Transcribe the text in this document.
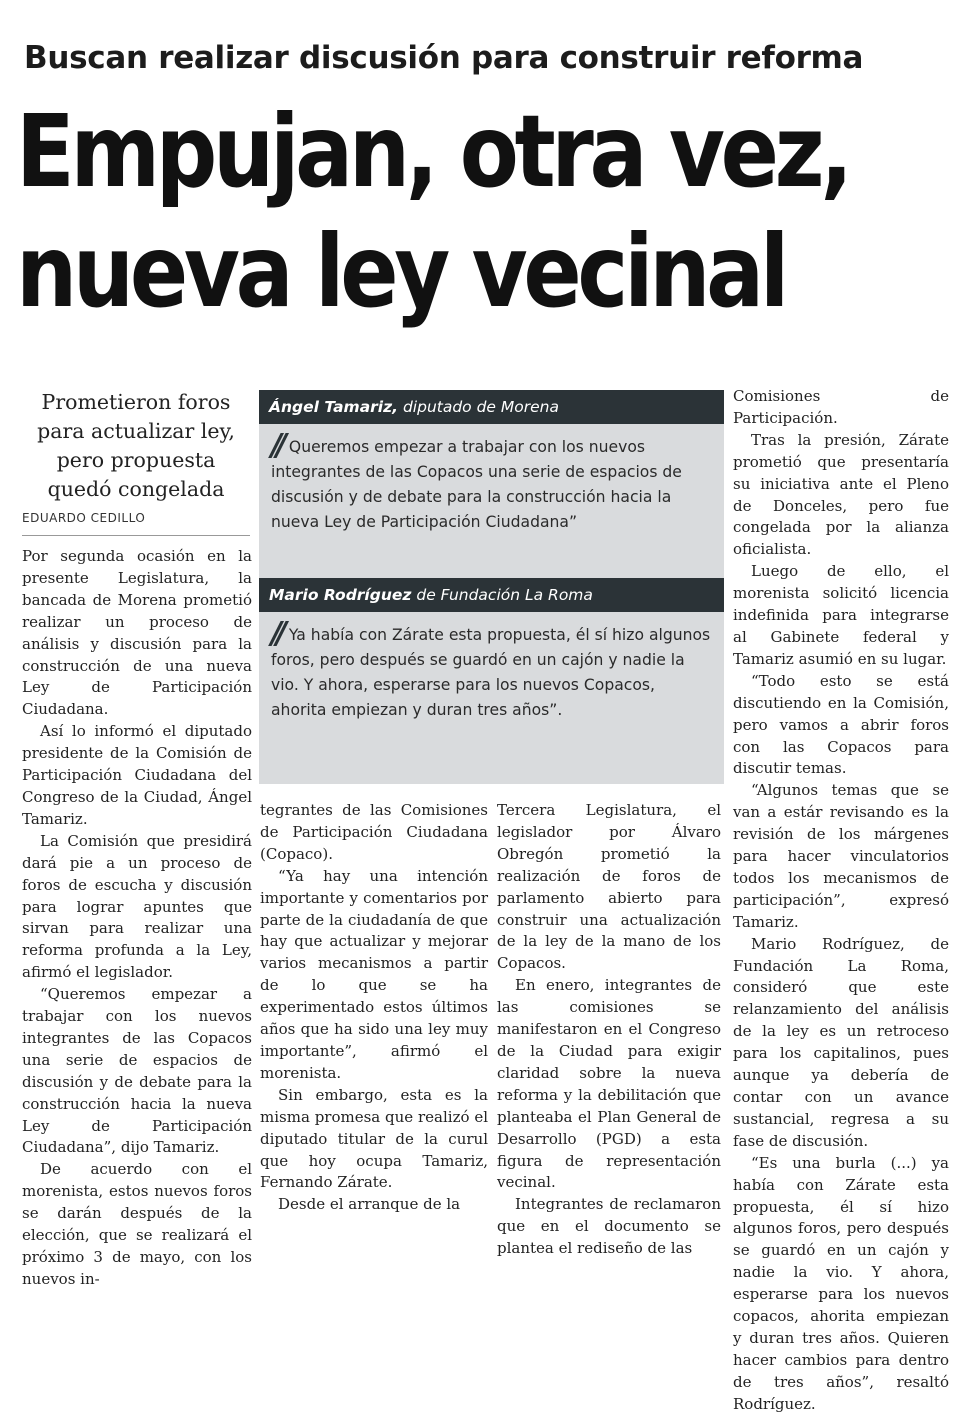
Buscan realizar discusión para construir reforma
Empujan, otra vez,
nueva ley vecinal
Prometieron foros para actualizar ley, pero propuesta quedó congelada
EDUARDO CEDILLO

Por segunda ocasión en la presente Legislatura, la bancada de Morena prometió realizar un proceso de análisis y discusión para la construcción de una nueva Ley de Participación Ciudadana.

Así lo informó el diputado presidente de la Comisión de Participación Ciudadana del Congreso de la Ciudad, Ángel Tamariz.

La Comisión que presidirá dará pie a un proceso de foros de escucha y discusión para lograr apuntes que sirvan para realizar una reforma profunda a la Ley, afirmó el legislador.

“Queremos empezar a trabajar con los nuevos integrantes de las Copacos una serie de espacios de discusión y de debate para la construcción hacia la nueva Ley de Participación Ciudadana”, dijo Tamariz.

De acuerdo con el morenista, estos nuevos foros se darán después de la elección, que se realizará el próximo 3 de mayo, con los nuevos in-

Ángel Tamariz, diputado de Morena
// Queremos empezar a trabajar con los nuevos integrantes de las Copacos una serie de espacios de discusión y de debate para la construcción hacia la nueva Ley de Participación Ciudadana”
Mario Rodríguez de Fundación La Roma
// Ya había con Zárate esta propuesta, él sí hizo algunos foros, pero después se guardó en un cajón y nadie la vio. Y ahora, esperarse para los nuevos Copacos, ahorita empiezan y duran tres años”.

tegrantes de las Comisiones de Participación Ciudadana (Copaco).

“Ya hay una intención importante y comentarios por parte de la ciudadanía de que hay que actualizar y mejorar varios mecanismos a partir de lo que se ha experimentado estos últimos años que ha sido una ley muy importante”, afirmó el morenista.

Sin embargo, esta es la misma promesa que realizó el diputado titular de la curul que hoy ocupa Tamariz, Fernando Zárate.

Desde el arranque de la

Tercera Legislatura, el legislador por Álvaro Obregón prometió la realización de foros de parlamento abierto para construir una actualización de la ley de la mano de los Copacos.

En enero, integrantes de las comisiones se manifestaron en el Congreso de la Ciudad para exigir claridad sobre la nueva reforma y la debilitación que planteaba el Plan General de Desarrollo (PGD) a esta figura de representación vecinal.

Integrantes de reclamaron que en el documento se plantea el rediseño de las

Comisiones de Participación.

Tras la presión, Zárate prometió que presentaría su iniciativa ante el Pleno de Donceles, pero fue congelada por la alianza oficialista.

Luego de ello, el morenista solicitó licencia indefinida para integrarse al Gabinete federal y Tamariz asumió en su lugar.

“Todo esto se está discutiendo en la Comisión, pero vamos a abrir foros con las Copacos para discutir temas.

“Algunos temas que se van a estár revisando es la revisión de los márgenes para hacer vinculatorios todos los mecanismos de participación”, expresó Tamariz.

Mario Rodríguez, de Fundación La Roma, consideró que este relanzamiento del análisis de la ley es un retroceso para los capitalinos, pues aunque ya debería de contar con un avance sustancial, regresa a su fase de discusión.

“Es una burla (...) ya había con Zárate esta propuesta, él sí hizo algunos foros, pero después se guardó en un cajón y nadie la vio. Y ahora, esperarse para los nuevos copacos, ahorita empiezan y duran tres años. Quieren hacer cambios para dentro de tres años”, resaltó Rodríguez.
